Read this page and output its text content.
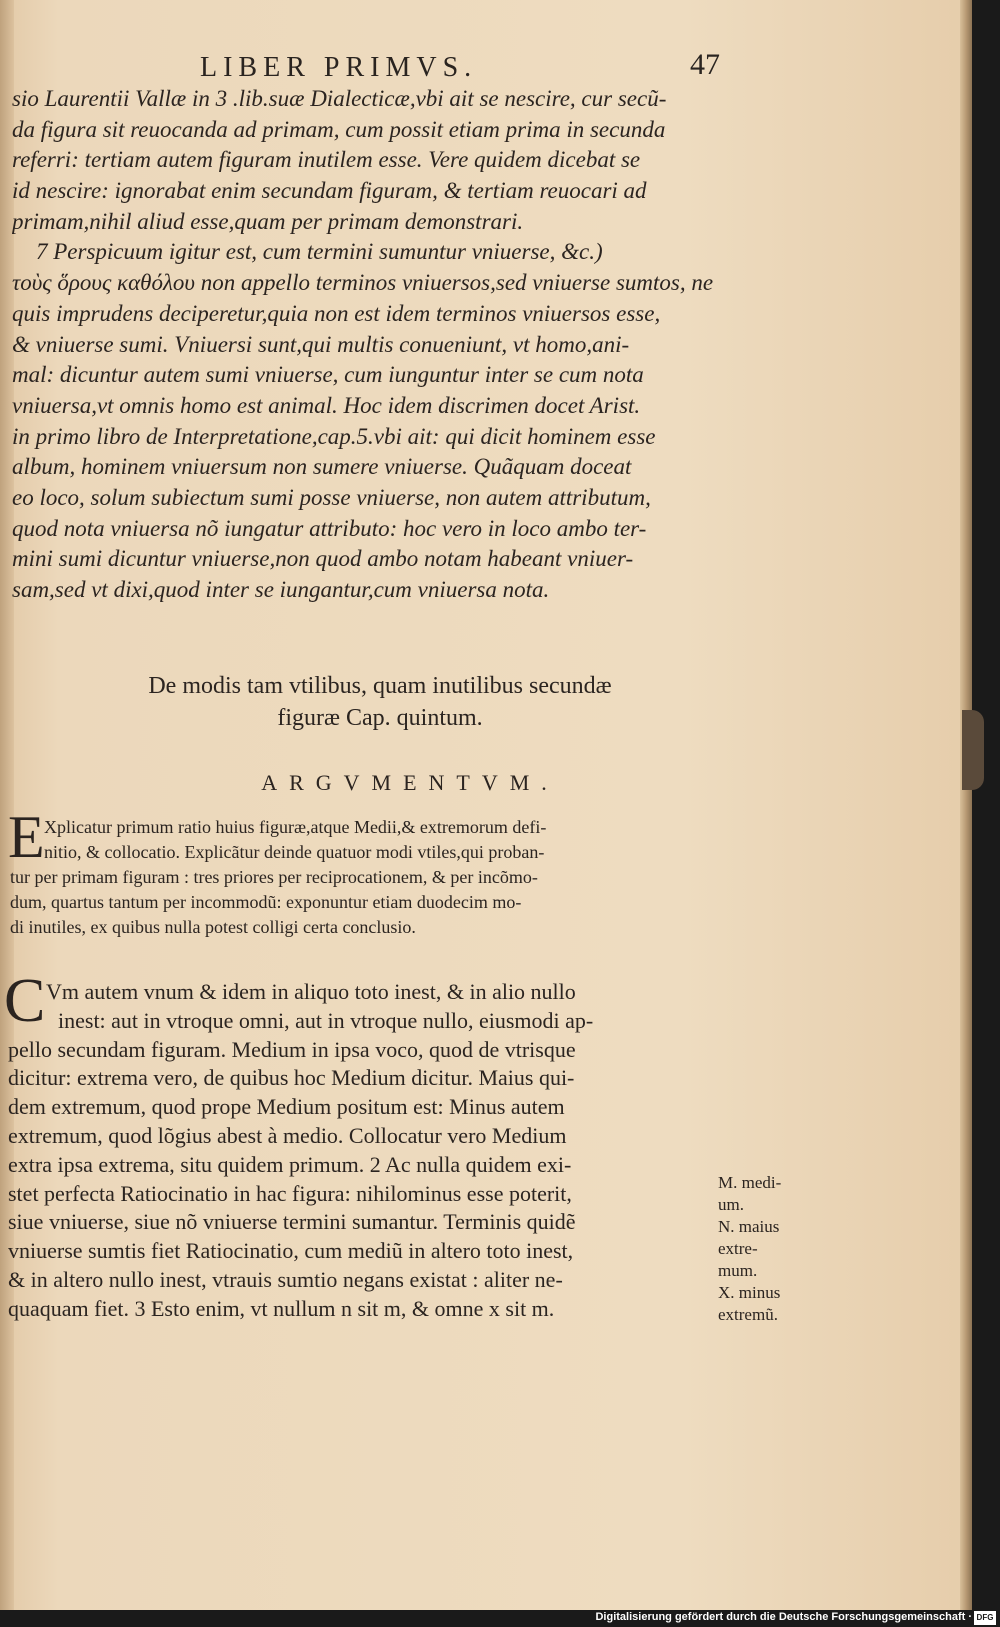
LIBER PRIMVS.	47
sio Laurentii Vallæ in 3 .lib.suæ Dialecticæ,vbi ait se nescire, cur secũ-
da figura sit reuocanda ad primam, cum possit etiam prima in secunda
referri: tertiam autem figuram inutilem esse. Vere quidem dicebat se
id nescire: ignorabat enim secundam figuram, & tertiam reuocari ad
primam,nihil aliud esse,quam per primam demonstrari.
7 Perspicuum igitur est, cum termini sumuntur vniuerse, &c.)
τοὺς ὅρους καθόλου non appello terminos vniuersos,sed vniuerse sumtos, ne
quis imprudens deciperetur,quia non est idem terminos vniuersos esse,
& vniuerse sumi. Vniuersi sunt,qui multis conueniunt, vt homo,ani-
mal: dicuntur autem sumi vniuerse, cum iunguntur inter se cum nota
vniuersa,vt omnis homo est animal. Hoc idem discrimen docet Arist.
in primo libro de Interpretatione,cap.5.vbi ait: qui dicit hominem esse
album, hominem vniuersum non sumere vniuerse. Quãquam doceat
eo loco, solum subiectum sumi posse vniuerse, non autem attributum,
quod nota vniuersa nõ iungatur attributo: hoc vero in loco ambo ter-
mini sumi dicuntur vniuerse,non quod ambo notam habeant vniuer-
sam,sed vt dixi,quod inter se iungantur,cum vniuersa nota.
De modis tam vtilibus, quam inutilibus secundæ
figuræ Cap. quintum.
ARGVMENTVM.
E Xplicatur primum ratio huius figuræ,atque Medii,& extremorum defi-
nitio, & collocatio. Explicãtur deinde quatuor modi vtiles,qui proban-
tur per primam figuram : tres priores per reciprocationem, & per incõmo-
dum, quartus tantum per incommodũ: exponuntur etiam duodecim mo-
di inutiles, ex quibus nulla potest colligi certa conclusio.
C Vm autem vnum & idem in aliquo toto inest, & in alio nullo
inest: aut in vtroque omni, aut in vtroque nullo, eiusmodi ap-
pello secundam figuram. Medium in ipsa voco, quod de vtrisque
dicitur: extrema vero, de quibus hoc Medium dicitur. Maius qui-
dem extremum, quod prope Medium positum est: Minus autem
extremum, quod lõgius abest à medio. Collocatur vero Medium
extra ipsa extrema, situ quidem primum. 2 Ac nulla quidem exi-
stet perfecta Ratiocinatio in hac figura: nihilominus esse poterit,
siue vniuerse, siue nõ vniuerse termini sumantur. Terminis quidẽ
vniuerse sumtis fiet Ratiocinatio, cum mediũ in altero toto inest,
& in altero nullo inest, vtrauis sumtio negans existat : aliter ne-
quaquam fiet. 3 Esto enim, vt nullum n sit m, & omne x sit m.
M. medi-
um.
N. maius
extre-
mum.
X. minus
extremũ.
Digitalisierung gefördert durch die Deutsche Forschungsgemeinschaft · DFG
